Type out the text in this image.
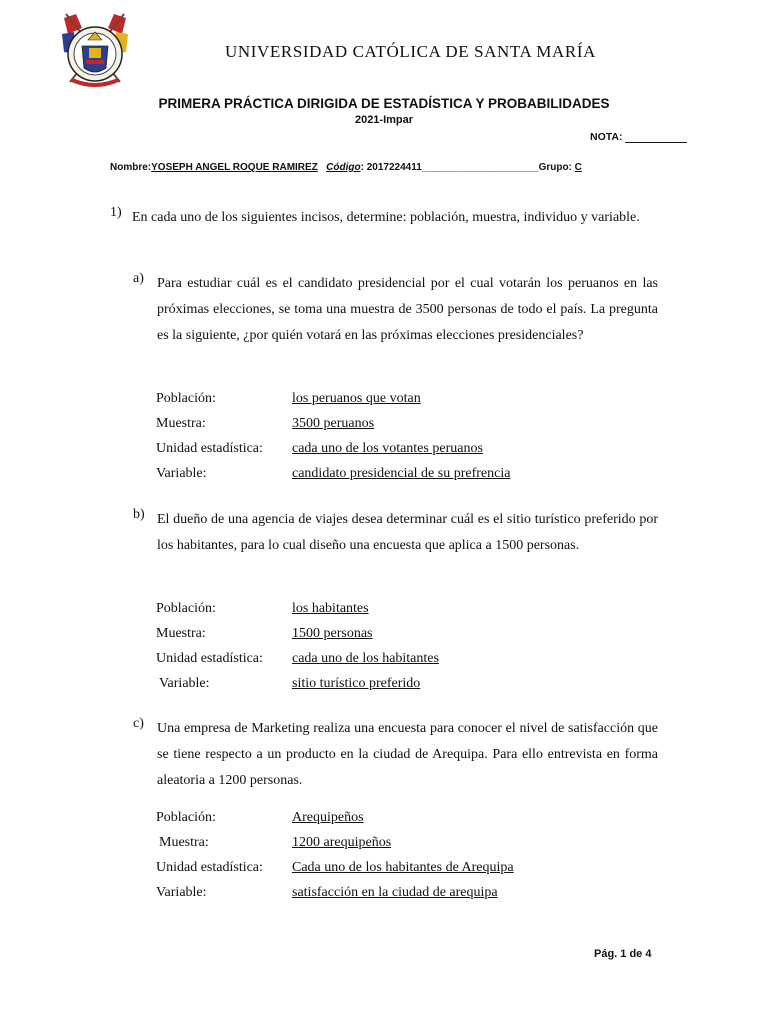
UNIVERSIDAD CATÓLICA DE SANTA MARÍA
PRIMERA PRÁCTICA DIRIGIDA DE ESTADÍSTICA Y PROBABILIDADES
2021-Impar
NOTA:
Nombre:YOSEPH ANGEL ROQUE RAMIREZ Código: 2017224411_____________________Grupo: C
1) En cada uno de los siguientes incisos, determine: población, muestra, individuo y variable.
a) Para estudiar cuál es el candidato presidencial por el cual votarán los peruanos en las próximas elecciones, se toma una muestra de 3500 personas de todo el país. La pregunta es la siguiente, ¿por quién votará en las próximas elecciones presidenciales?
Población:	los peruanos que votan
Muestra:	3500 peruanos
Unidad estadística: cada uno de los votantes peruanos
Variable:	candidato presidencial de su prefrencia
b) El dueño de una agencia de viajes desea determinar cuál es el sitio turístico preferido por los habitantes, para lo cual diseño una encuesta que aplica a 1500 personas.
Población:	los habitantes
Muestra:	1500 personas
Unidad estadística: cada uno de los habitantes
Variable:	sitio turístico preferido
c) Una empresa de Marketing realiza una encuesta para conocer el nivel de satisfacción que se tiene respecto a un producto en la ciudad de Arequipa. Para ello entrevista en forma aleatoria a 1200 personas.
Población:	Arequipeños
Muestra:	1200 arequipeños
Unidad estadística: Cada uno de los habitantes de Arequipa
Variable:	satisfacción en la ciudad de arequipa
Pág. 1 de 4
